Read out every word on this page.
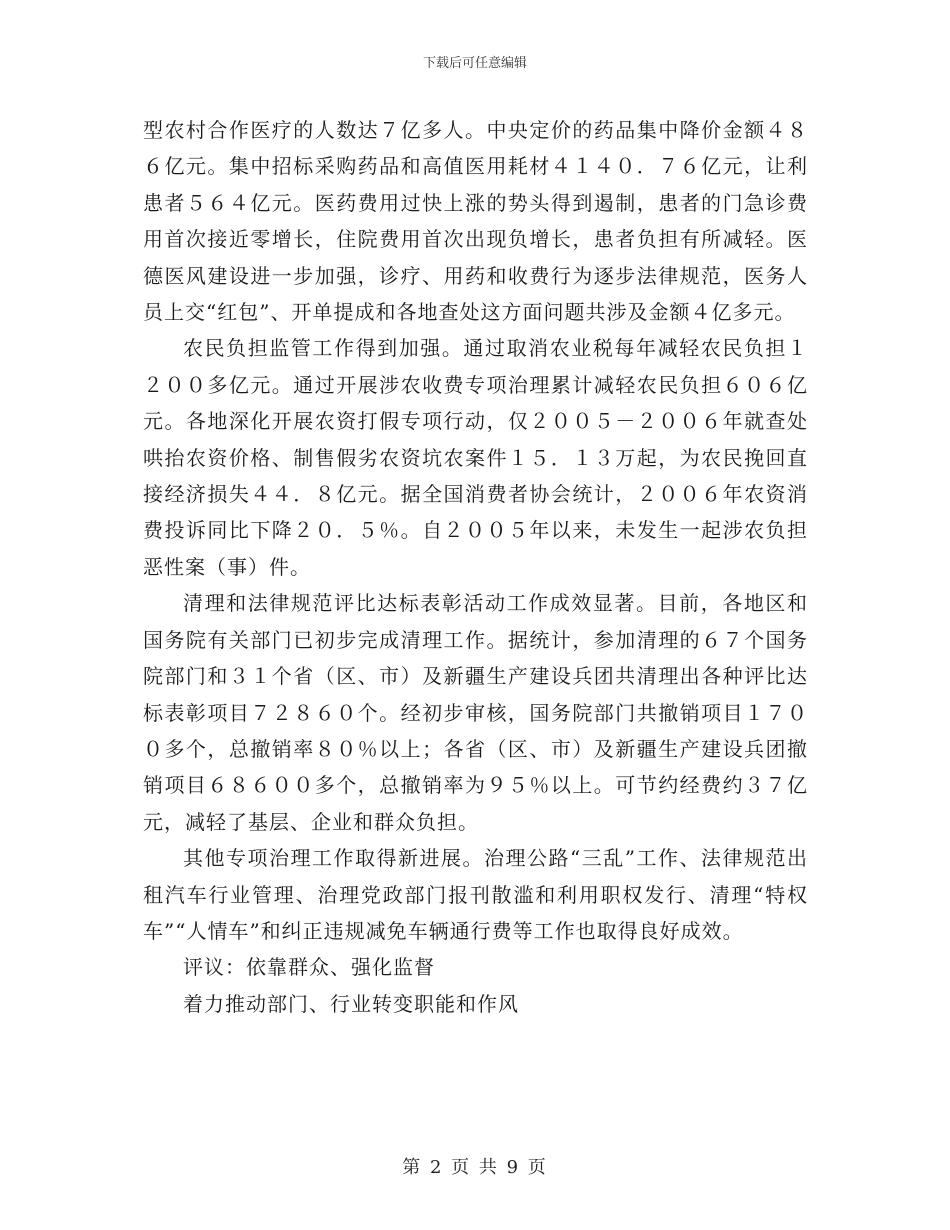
下载后可任意编辑

型农村合作医疗的人数达７亿多人。中央定价的药品集中降价金额４８６亿元。集中招标采购药品和高值医用耗材４１４０．７６亿元，让利患者５６４亿元。医药费用过快上涨的势头得到遏制，患者的门急诊费用首次接近零增长，住院费用首次出现负增长，患者负担有所减轻。医德医风建设进一步加强，诊疗、用药和收费行为逐步法律规范，医务人员上交“红包”、开单提成和各地查处这方面问题共涉及金额４亿多元。

农民负担监管工作得到加强。通过取消农业税每年减轻农民负担１２００多亿元。通过开展涉农收费专项治理累计减轻农民负担６０６亿元。各地深化开展农资打假专项行动，仅２００５－２００６年就查处哄抬农资价格、制售假劣农资坑农案件１５．１３万起，为农民挽回直接经济损失４４．８亿元。据全国消费者协会统计，２００６年农资消费投诉同比下降２０．５％。自２００５年以来，未发生一起涉农负担恶性案（事）件。

清理和法律规范评比达标表彰活动工作成效显著。目前，各地区和国务院有关部门已初步完成清理工作。据统计，参加清理的６７个国务院部门和３１个省（区、市）及新疆生产建设兵团共清理出各种评比达标表彰项目７２８６０个。经初步审核，国务院部门共撤销项目１７００多个，总撤销率８０％以上；各省（区、市）及新疆生产建设兵团撤销项目６８６００多个，总撤销率为９５％以上。可节约经费约３７亿元，减轻了基层、企业和群众负担。

其他专项治理工作取得新进展。治理公路“三乱”工作、法律规范出租汽车行业管理、治理党政部门报刊散滥和利用职权发行、清理“特权车”“人情车”和纠正违规减免车辆通行费等工作也取得良好成效。

评议：依靠群众、强化监督

着力推动部门、行业转变职能和作风

第 2 页 共 9 页
